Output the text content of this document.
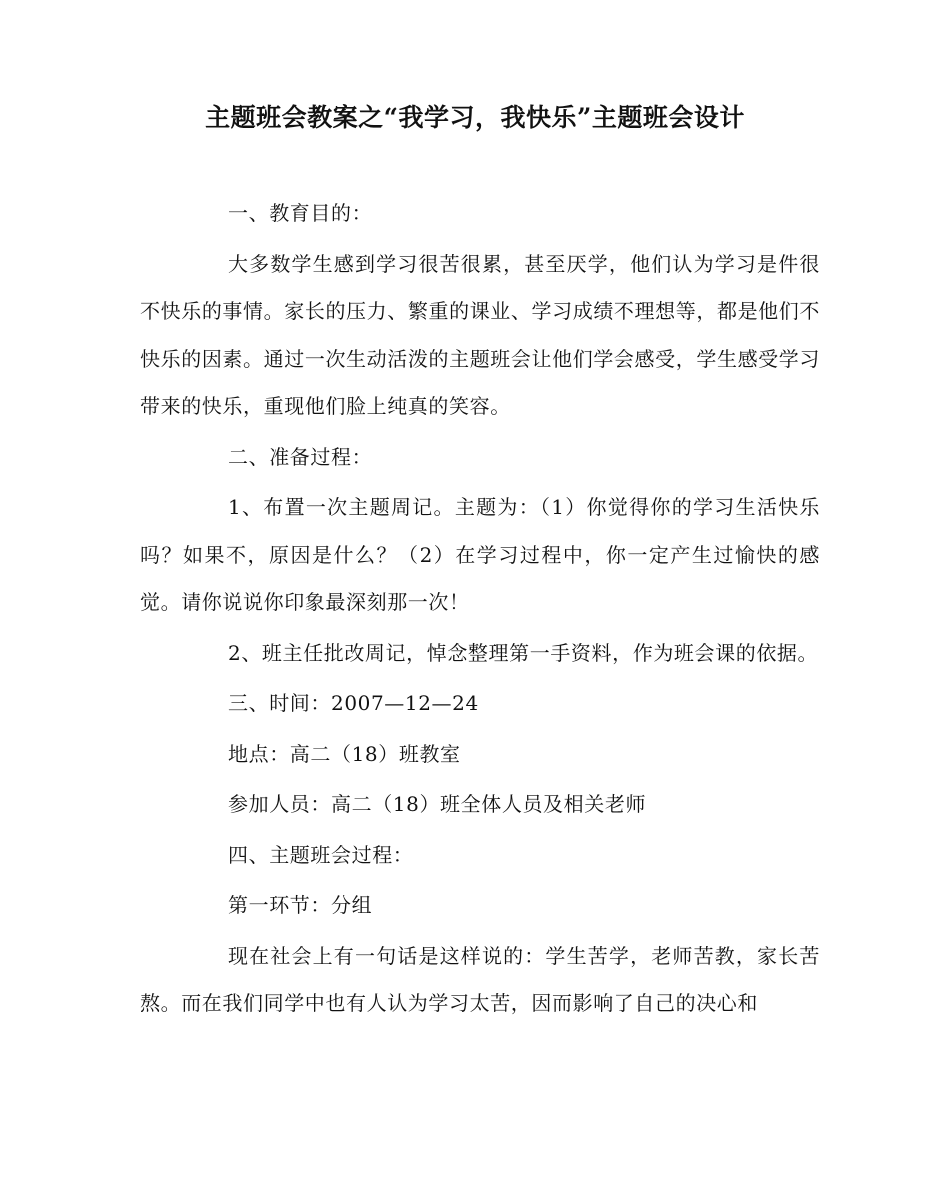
主题班会教案之“我学习，我快乐”主题班会设计

一、教育目的：

大多数学生感到学习很苦很累，甚至厌学，他们认为学习是件很不快乐的事情。家长的压力、繁重的课业、学习成绩不理想等，都是他们不快乐的因素。通过一次生动活泼的主题班会让他们学会感受，学生感受学习带来的快乐，重现他们脸上纯真的笑容。

二、准备过程：

1、布置一次主题周记。主题为：（1）你觉得你的学习生活快乐吗？如果不，原因是什么？（2）在学习过程中，你一定产生过愉快的感觉。请你说说你印象最深刻那一次！

2、班主任批改周记，悼念整理第一手资料，作为班会课的依据。

三、时间：2007—12—24

地点：高二（18）班教室

参加人员：高二（18）班全体人员及相关老师

四、主题班会过程：

第一环节：分组

现在社会上有一句话是这样说的：学生苦学，老师苦教，家长苦熬。而在我们同学中也有人认为学习太苦，因而影响了自己的决心和
